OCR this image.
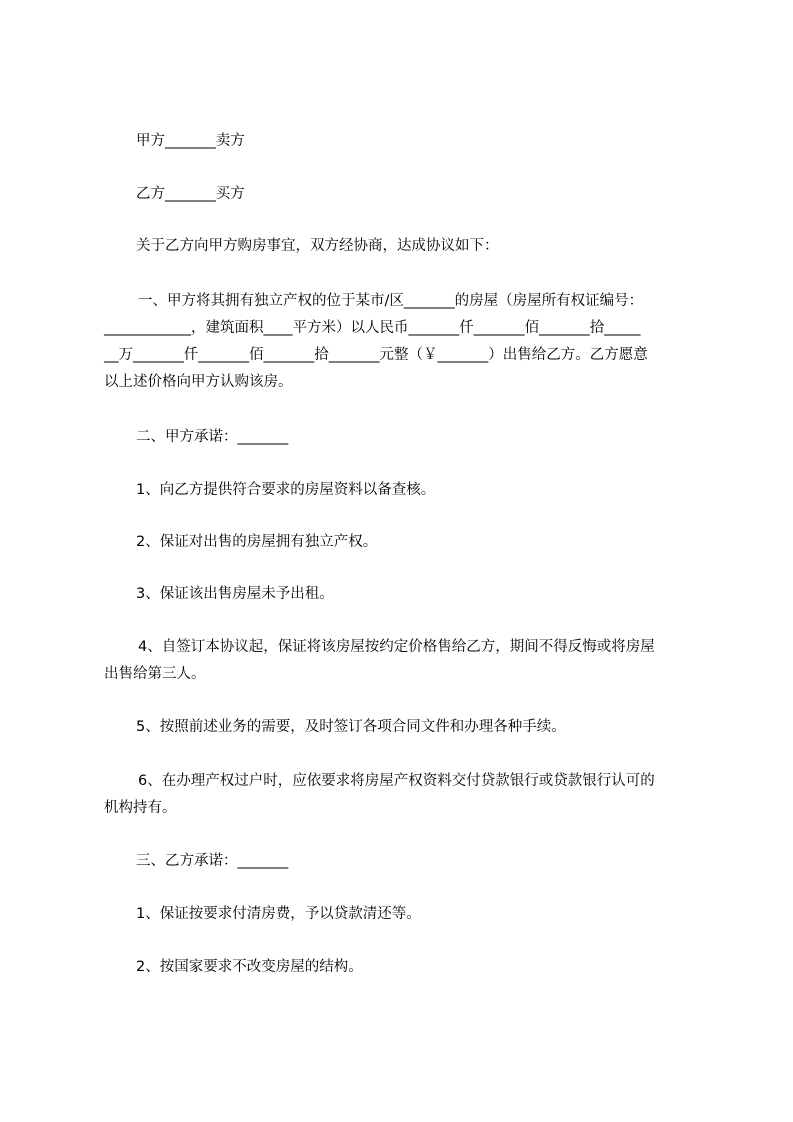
甲方_______卖方

乙方_______买方

关于乙方向甲方购房事宜，双方经协商，达成协议如下：

一、甲方将其拥有独立产权的位于某市/区_______的房屋（房屋所有权证编号：

____________，建筑面积____平方米）以人民币_______仟_______佰_______拾_____

__万_______仟_______佰_______拾_______元整（￥_______）出售给乙方。乙方愿意

以上述价格向甲方认购该房。

二、甲方承诺：_______

1、向乙方提供符合要求的房屋资料以备查核。

2、保证对出售的房屋拥有独立产权。

3、保证该出售房屋未予出租。

4、自签订本协议起，保证将该房屋按约定价格售给乙方，期间不得反悔或将房屋

出售给第三人。

5、按照前述业务的需要，及时签订各项合同文件和办理各种手续。

6、在办理产权过户时，应依要求将房屋产权资料交付贷款银行或贷款银行认可的

机构持有。

三、乙方承诺：_______

1、保证按要求付清房费，予以贷款清还等。

2、按国家要求不改变房屋的结构。
